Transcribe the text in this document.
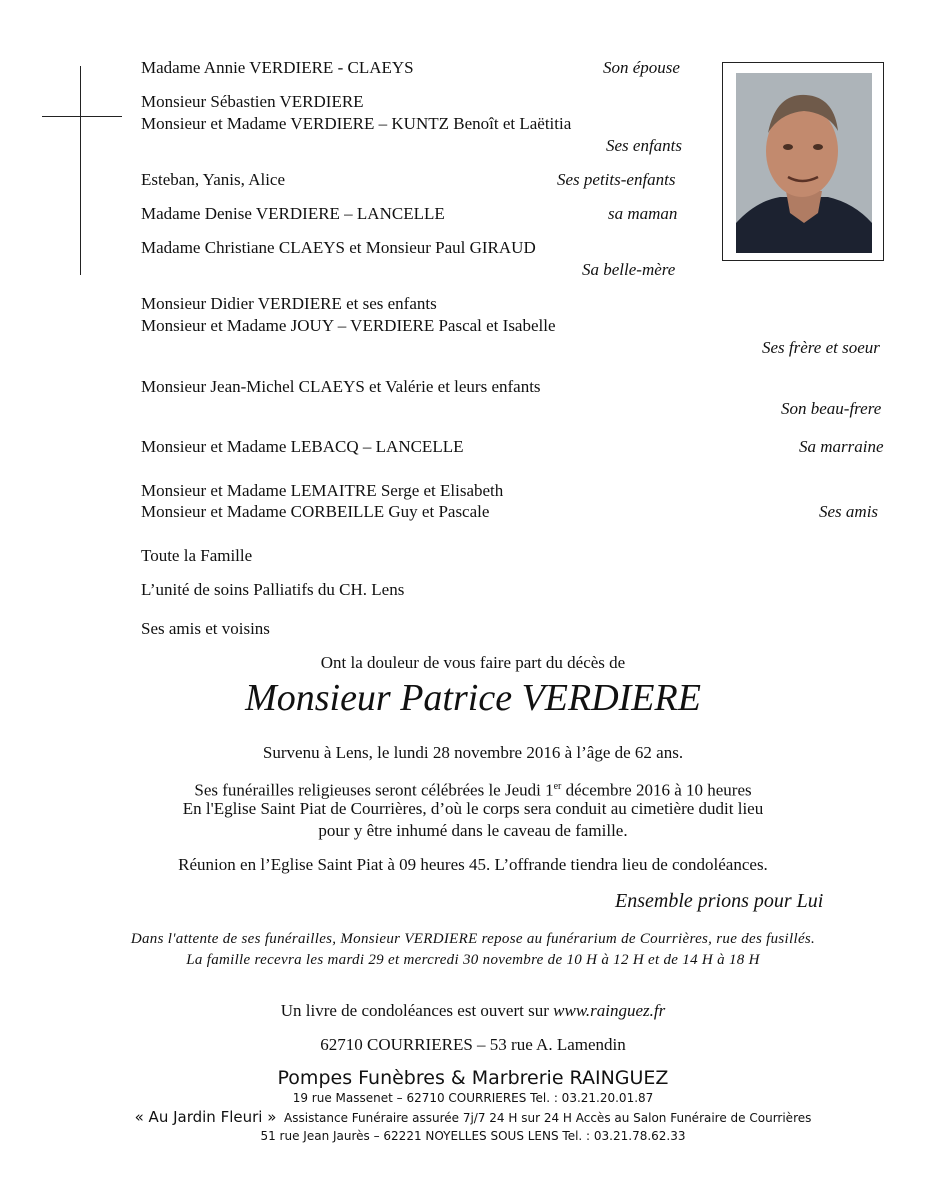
Madame Annie VERDIERE - CLAEYS	Son épouse
Monsieur Sébastien VERDIERE
Monsieur et Madame VERDIERE – KUNTZ Benoît et Laëtitia
Ses enfants
Esteban, Yanis, Alice	Ses petits-enfants
Madame Denise VERDIERE – LANCELLE	sa maman
Madame Christiane CLAEYS et Monsieur Paul GIRAUD
Sa belle-mère
Monsieur Didier VERDIERE et ses enfants
Monsieur et Madame JOUY – VERDIERE Pascal et Isabelle
Ses frère et soeur
Monsieur Jean-Michel CLAEYS et Valérie et leurs enfants
Son beau-frere
Monsieur et Madame LEBACQ – LANCELLE	Sa marraine
Monsieur et Madame LEMAITRE Serge et Elisabeth
Monsieur et Madame CORBEILLE Guy et Pascale	Ses amis
Toute la Famille
L’unité de soins Palliatifs du CH. Lens
Ses amis et voisins
Ont la douleur de vous faire part du décès de
Monsieur Patrice VERDIERE
Survenu à Lens, le lundi 28 novembre 2016 à l’âge de 62 ans.
Ses funérailles religieuses seront célébrées le Jeudi 1er décembre 2016 à 10 heures
En l'Eglise Saint Piat de Courrières, d’où le corps sera conduit au cimetière dudit lieu
pour y être inhumé dans le caveau de famille.
Réunion en l’Eglise Saint Piat à 09 heures 45. L’offrande tiendra lieu de condoléances.
Ensemble prions pour Lui
Dans l'attente de ses funérailles, Monsieur VERDIERE repose au funérarium de Courrières, rue des fusillés.
La famille recevra les mardi 29 et mercredi 30 novembre de 10 H à 12 H et de 14 H à 18 H
Un livre de condoléances est ouvert sur www.rainguez.fr
62710 COURRIERES – 53 rue A. Lamendin
Pompes Funèbres & Marbrerie RAINGUEZ
19 rue Massenet – 62710 COURRIERES Tel. : 03.21.20.01.87
« Au Jardin Fleuri » Assistance Funéraire assurée 7j/7 24 H sur 24 H Accès au Salon Funéraire de Courrières
51 rue Jean Jaurès – 62221 NOYELLES SOUS LENS Tel. : 03.21.78.62.33
